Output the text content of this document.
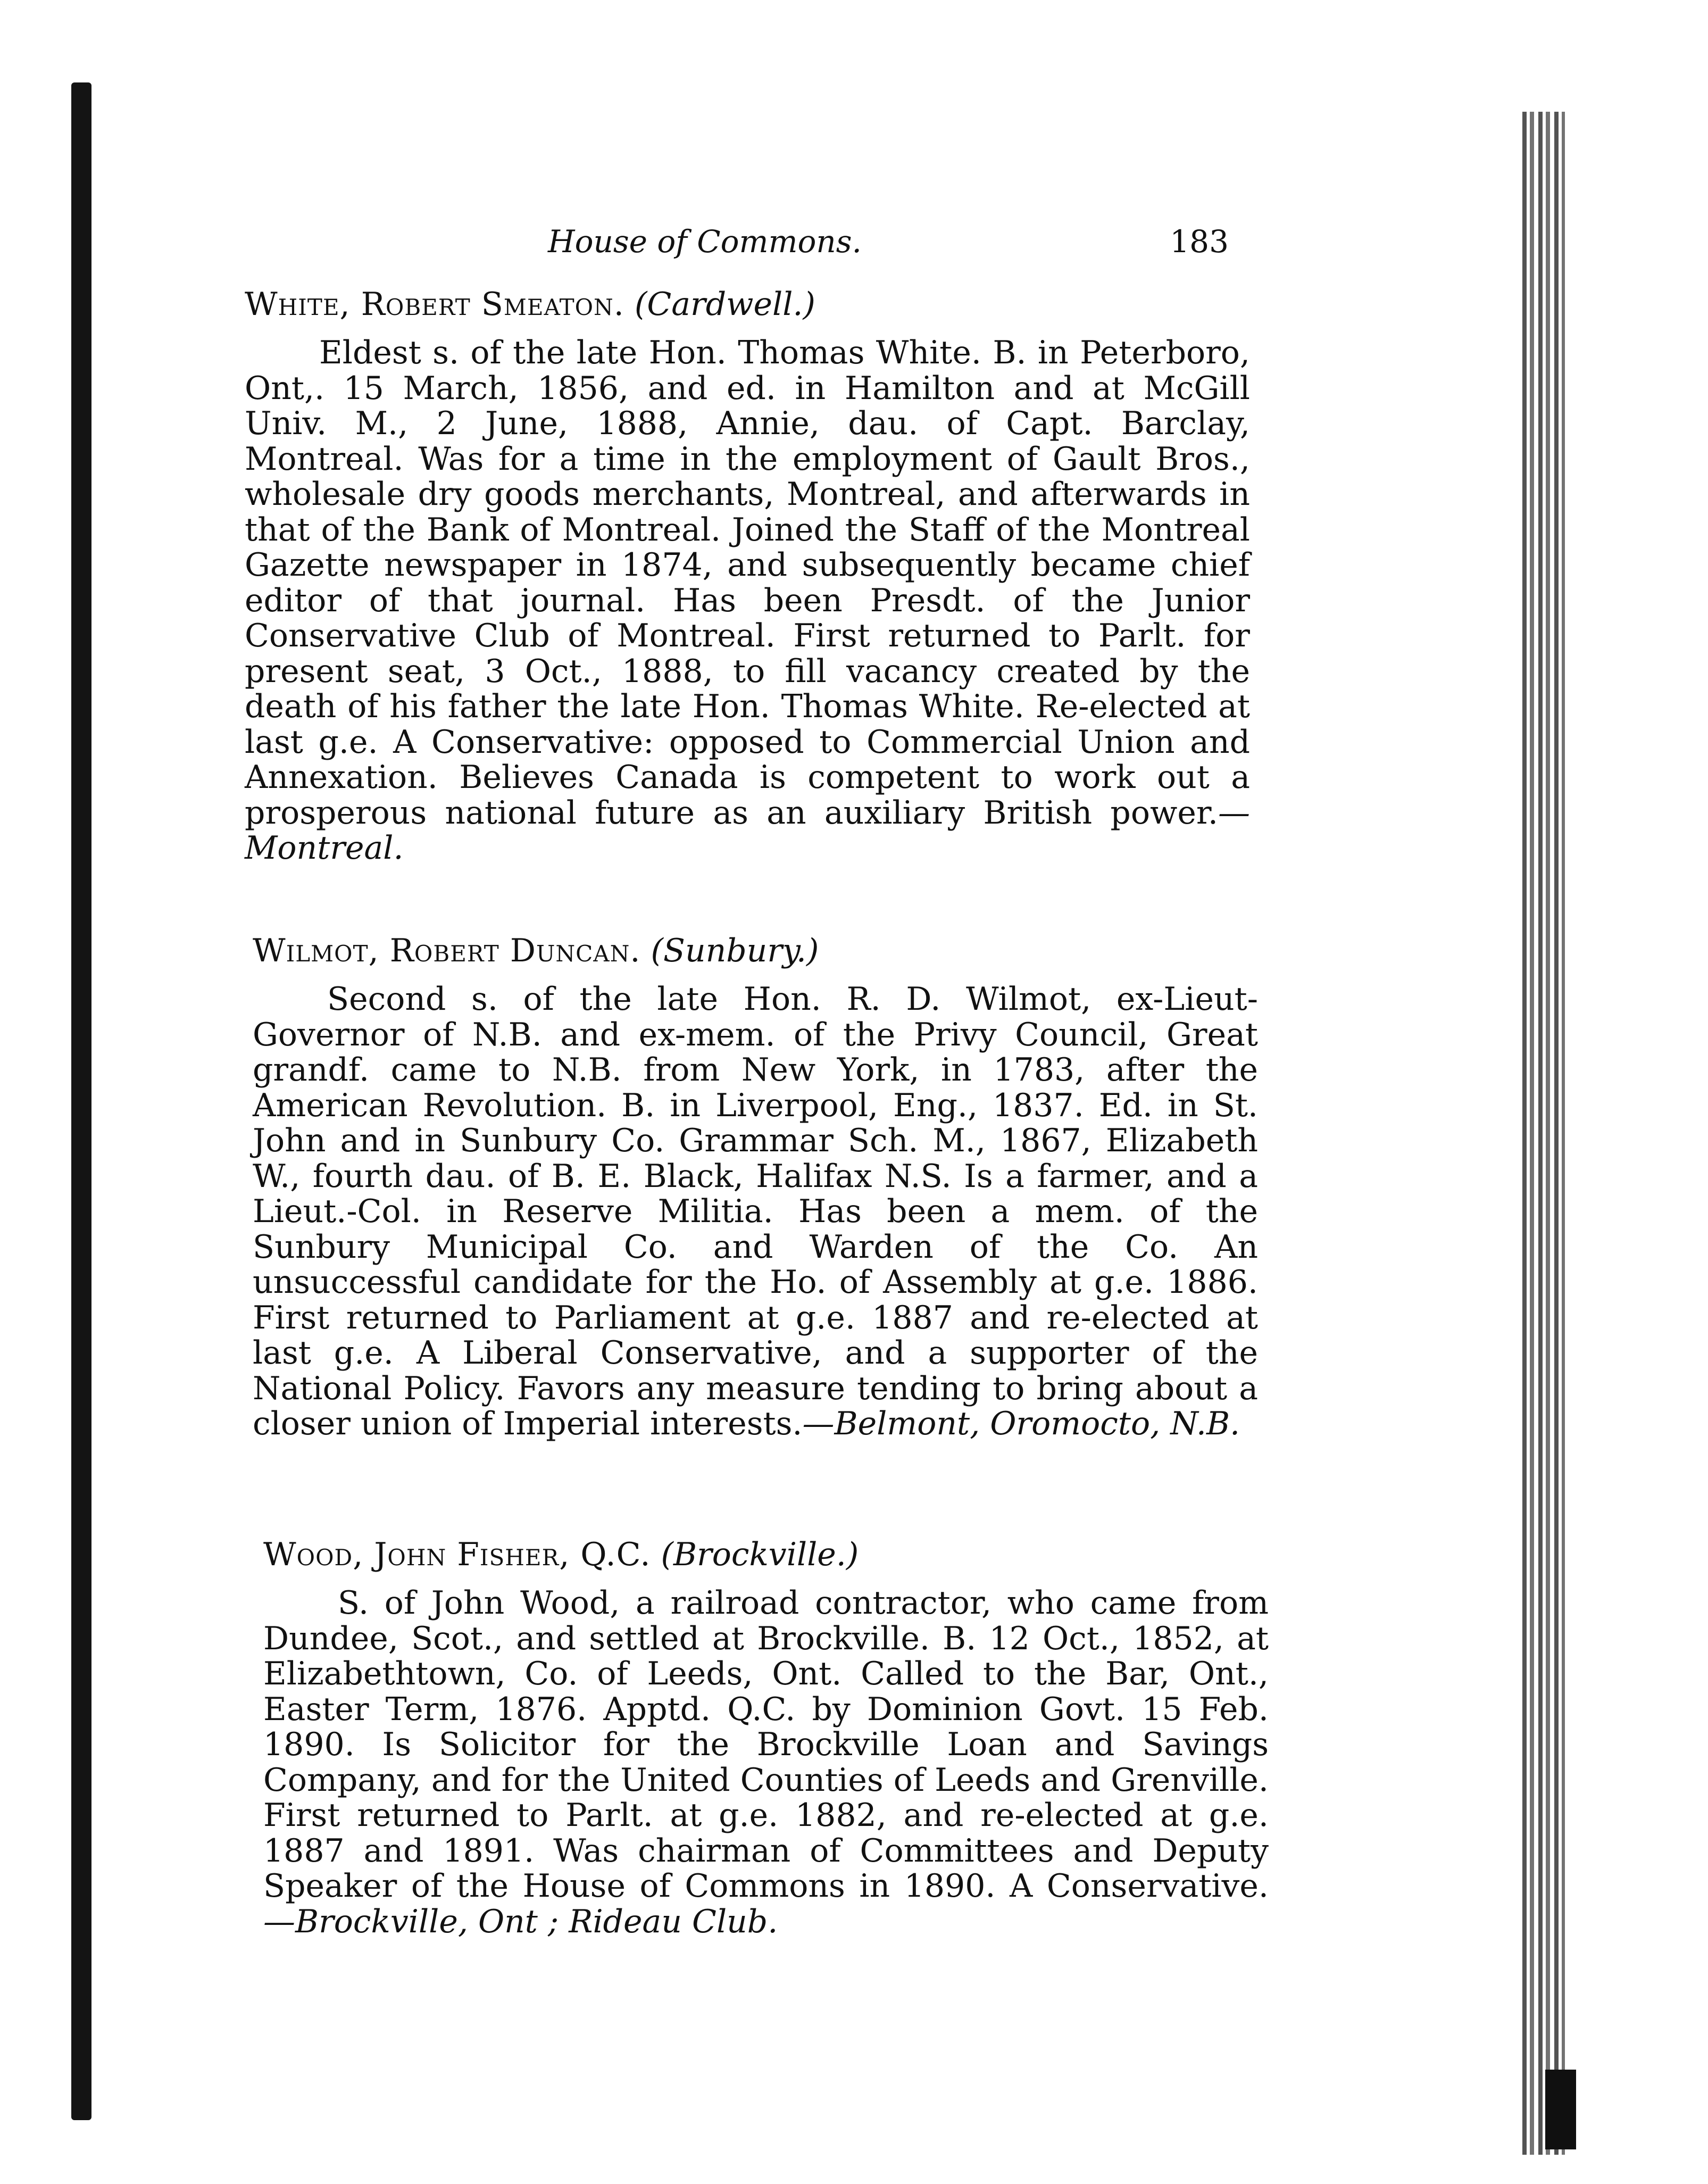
House of Commons.	183

White, Robert Smeaton. (Cardwell.)

Eldest s. of the late Hon. Thomas White. B. in Peterboro, Ont,. 15 March, 1856, and ed. in Hamilton and at McGill Univ. M., 2 June, 1888, Annie, dau. of Capt. Barclay, Montreal. Was for a time in the employment of Gault Bros., wholesale dry goods merchants, Montreal, and afterwards in that of the Bank of Montreal. Joined the Staff of the Montreal Gazette newspaper in 1874, and subsequently became chief editor of that journal. Has been Presdt. of the Junior Conservative Club of Montreal. First returned to Parlt. for present seat, 3 Oct., 1888, to fill vacancy created by the death of his father the late Hon. Thomas White. Re-elected at last g.e. A Conservative: opposed to Commercial Union and Annexation. Believes Canada is competent to work out a prosperous national future as an auxiliary British power.—Montreal.

Wilmot, Robert Duncan. (Sunbury.)

Second s. of the late Hon. R. D. Wilmot, ex-Lieut-Governor of N.B. and ex-mem. of the Privy Council, Great grandf. came to N.B. from New York, in 1783, after the American Revolution. B. in Liverpool, Eng., 1837. Ed. in St. John and in Sunbury Co. Grammar Sch. M., 1867, Elizabeth W., fourth dau. of B. E. Black, Halifax N.S. Is a farmer, and a Lieut.-Col. in Reserve Militia. Has been a mem. of the Sunbury Municipal Co. and Warden of the Co. An unsuccessful candidate for the Ho. of Assembly at g.e. 1886. First returned to Parliament at g.e. 1887 and re-elected at last g.e. A Liberal Conservative, and a supporter of the National Policy. Favors any measure tending to bring about a closer union of Imperial interests.—Belmont, Oromocto, N.B.

Wood, John Fisher, Q.C. (Brockville.)

S. of John Wood, a railroad contractor, who came from Dundee, Scot., and settled at Brockville. B. 12 Oct., 1852, at Elizabethtown, Co. of Leeds, Ont. Called to the Bar, Ont., Easter Term, 1876. Apptd. Q.C. by Dominion Govt. 15 Feb. 1890. Is Solicitor for the Brockville Loan and Savings Company, and for the United Counties of Leeds and Grenville. First returned to Parlt. at g.e. 1882, and re-elected at g.e. 1887 and 1891. Was chairman of Committees and Deputy Speaker of the House of Commons in 1890. A Conservative. —Brockville, Ont ; Rideau Club.
